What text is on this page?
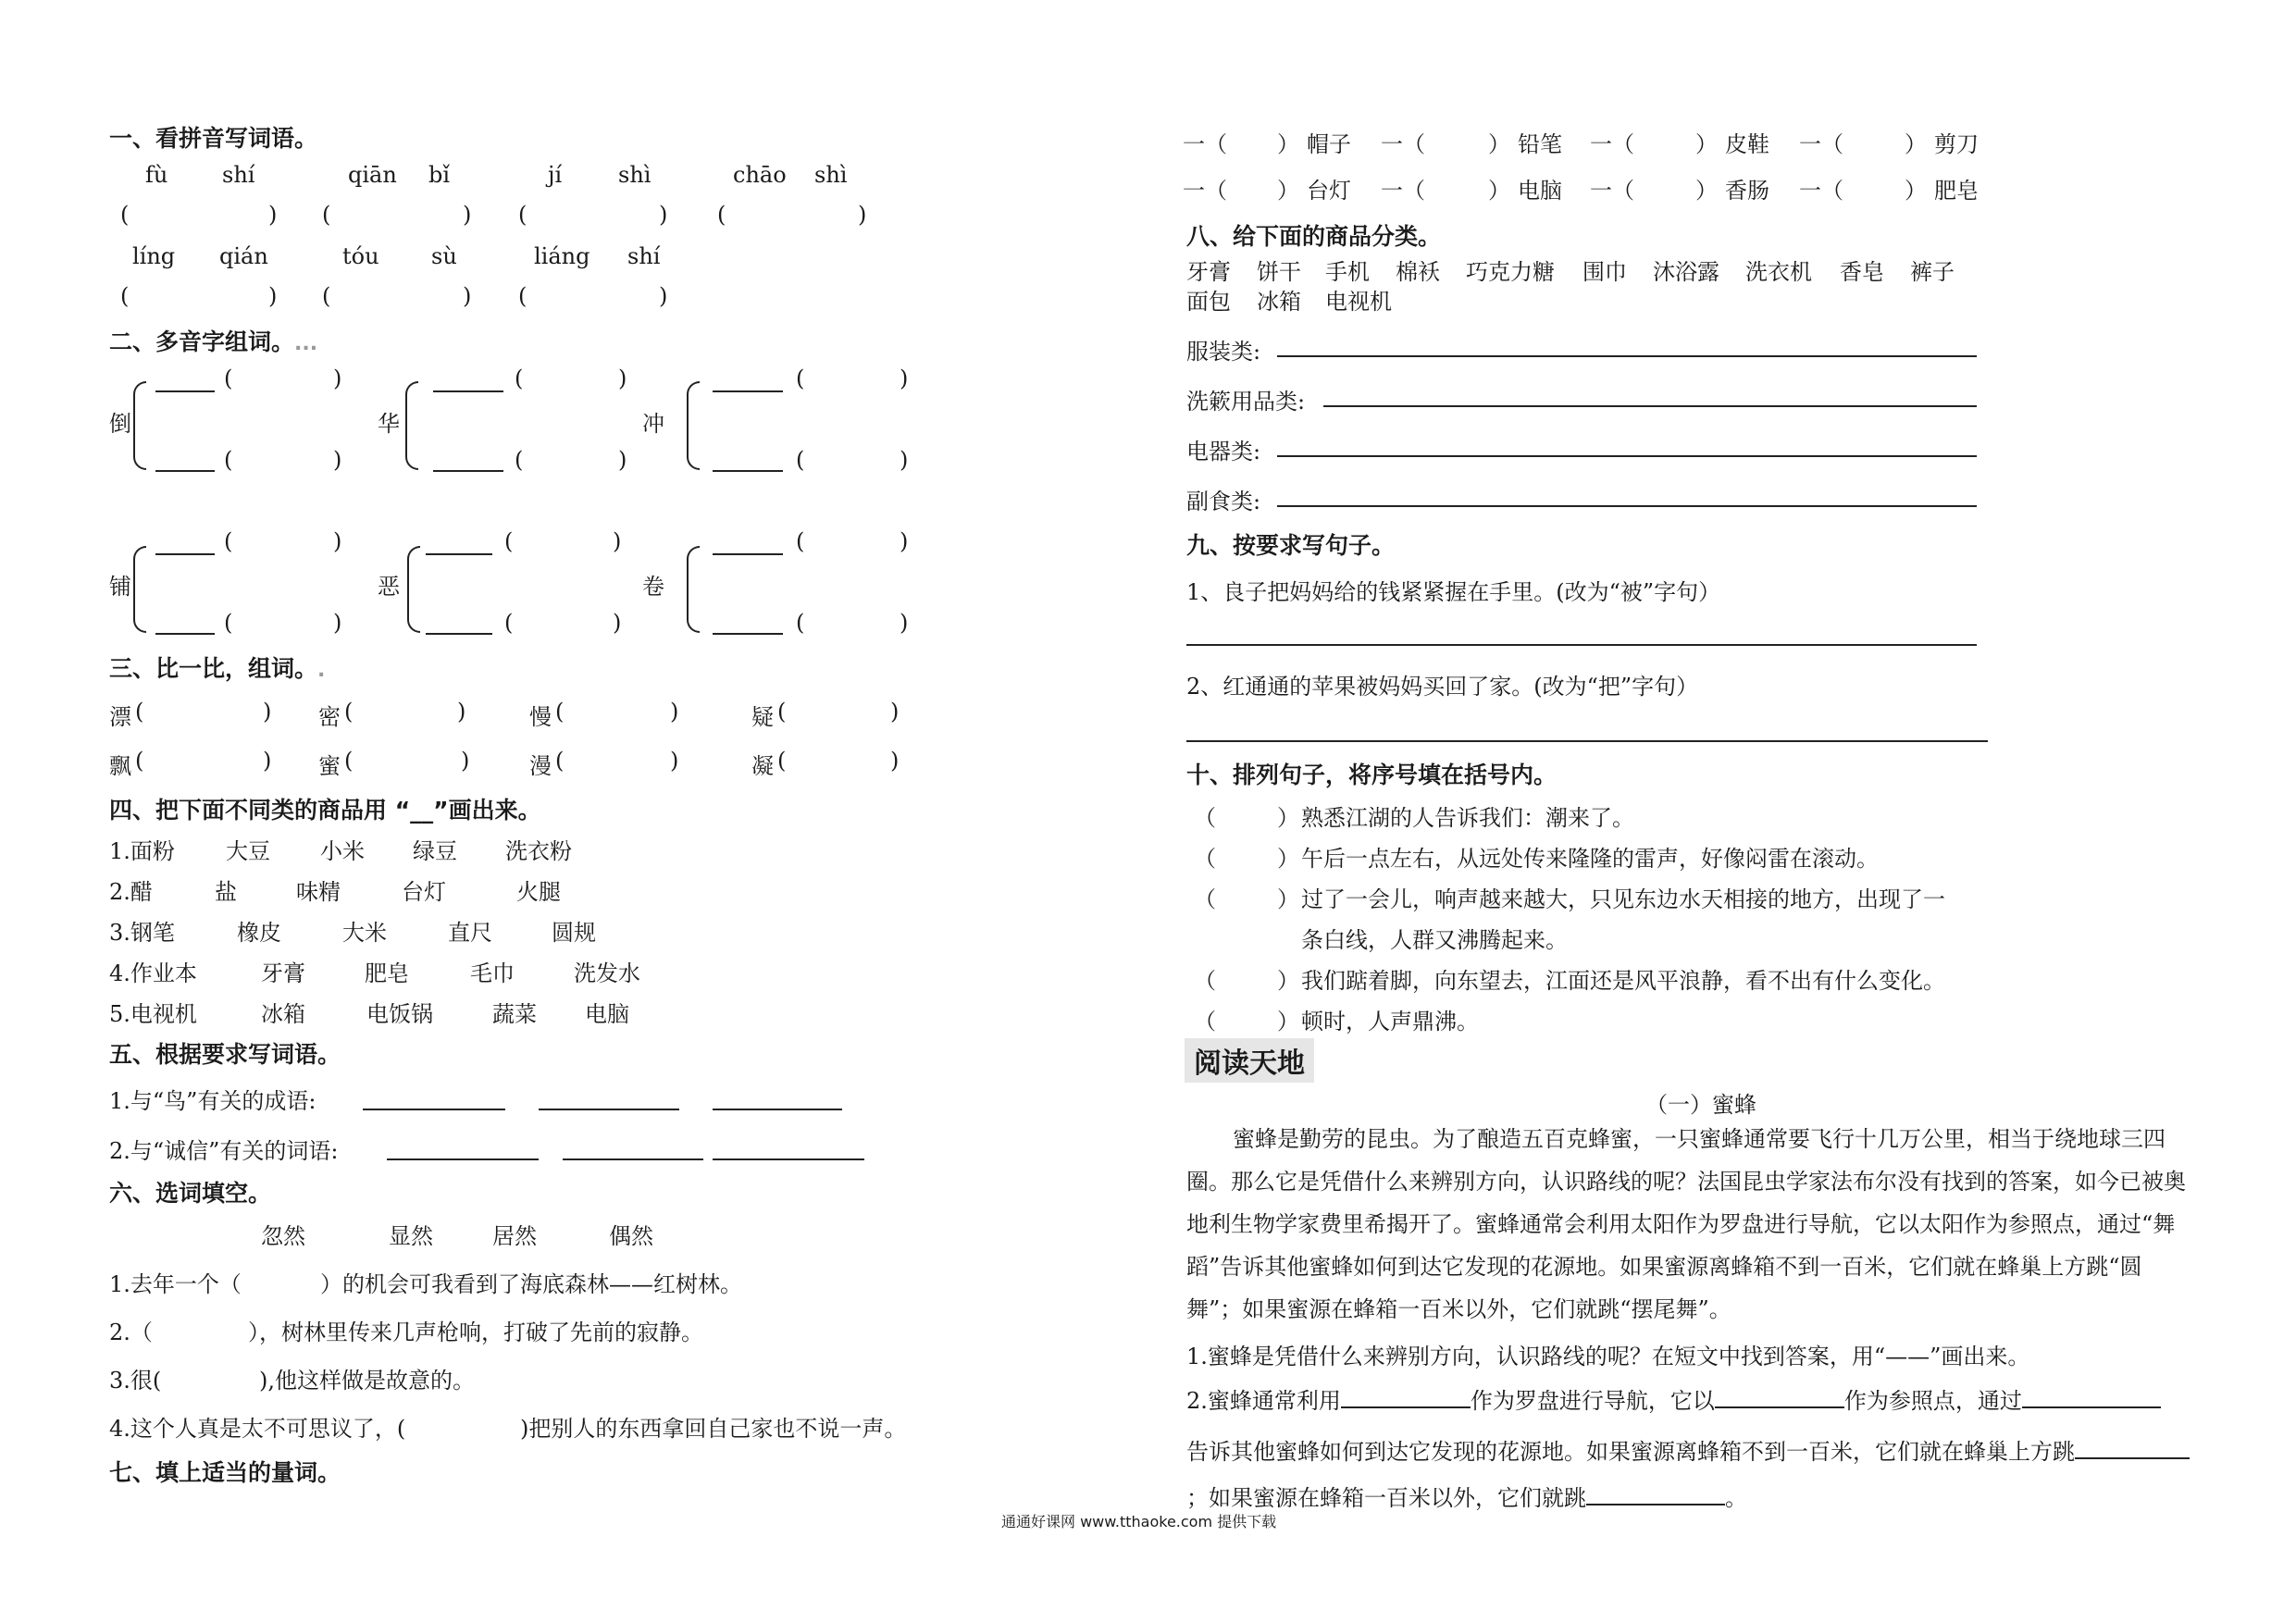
一、看拼音写词语。
fù shí	qiān bǐ	jí	shì	chāo shì
(	) (	) (	) (	)
líng qián	tóu sù	liáng shí
(	) (	) (	)
二、多音字组词。...
倒
(	)
(	)
华
(	)
(	)
冲
(	)
(	)
铺
(	)
(	)
恶
(	)
(	)
卷
(	)
(	)
三、比一比，组词。.
漂 (	) 密 (	)	慢 (	)	疑 (	)
飘 (	) 蜜 (	)	漫 (	)	凝 (	)
四、把下面不同类的商品用 “__”画出来。
1.面粉 大豆 小米 绿豆 洗衣粉
2.醋	盐	味精	台灯	火腿
3.钢笔	橡皮	大米	直尺	圆规
4.作业本	牙膏	肥皂	毛巾	洗发水
5.电视机	冰箱	电饭锅	蔬菜 电脑
五、根据要求写词语。
1.与“鸟”有关的成语:
2.与“诚信”有关的词语:
六、选词填空。
忽然	显然	居然	偶然
1.去年一个（	）的机会可我看到了海底森林——红树林。
2.（	），树林里传来几声枪响，打破了先前的寂静。
3.很(	),他这样做是故意的。
4.这个人真是太不可思议了，(	)把别人的东西拿回自己家也不说一声。
七、填上适当的量词。
一（ ） 帽子 一（	） 铅笔 一（	） 皮鞋 一（	） 剪刀
一（ ） 台灯 一（	） 电脑 一（	） 香肠 一（	） 肥皂
八、给下面的商品分类。
牙膏 饼干 手机 棉袄 巧克力糖 围巾 沐浴露 洗衣机 香皂 裤子
面包 冰箱 电视机
服装类:
洗簌用品类:
电器类:
副食类:
九、按要求写句子。
1、良子把妈妈给的钱紧紧握在手里。(改为“被”字句）
2、红通通的苹果被妈妈买回了家。(改为“把”字句）
十、排列句子，将序号填在括号内。
（	） 熟悉江湖的人告诉我们：潮来了。
（	） 午后一点左右，从远处传来隆隆的雷声，好像闷雷在滚动。
（	） 过了一会儿，响声越来越大，只见东边水天相接的地方，出现了一
条白线，人群又沸腾起来。
（	） 我们踮着脚，向东望去，江面还是风平浪静，看不出有什么变化。
（	） 顿时，人声鼎沸。
阅读天地
（一）蜜蜂
蜜蜂是勤劳的昆虫。为了酿造五百克蜂蜜，一只蜜蜂通常要飞行十几万公里，相当于绕地球三四圈。那么它是凭借什么来辨别方向，认识路线的呢？法国昆虫学家法布尔没有找到的答案，如今已被奥地利生物学家费里希揭开了。蜜蜂通常会利用太阳作为罗盘进行导航，它以太阳作为参照点，通过“舞蹈”告诉其他蜜蜂如何到达它发现的花源地。如果蜜源离蜂箱不到一百米，它们就在蜂巢上方跳“圆舞”；如果蜜源在蜂箱一百米以外，它们就跳“摆尾舞”。
1.蜜蜂是凭借什么来辨别方向，认识路线的呢？在短文中找到答案，用“——”画出来。
2.蜜蜂通常利用	作为罗盘进行导航，它以	作为参照点，通过
告诉其他蜜蜂如何到达它发现的花源地。如果蜜源离蜂箱不到一百米，它们就在蜂巢上方跳；如果蜜源在蜂箱一百米以外，它们就跳	。
通通好课网 www.tthaoke.com 提供下载
